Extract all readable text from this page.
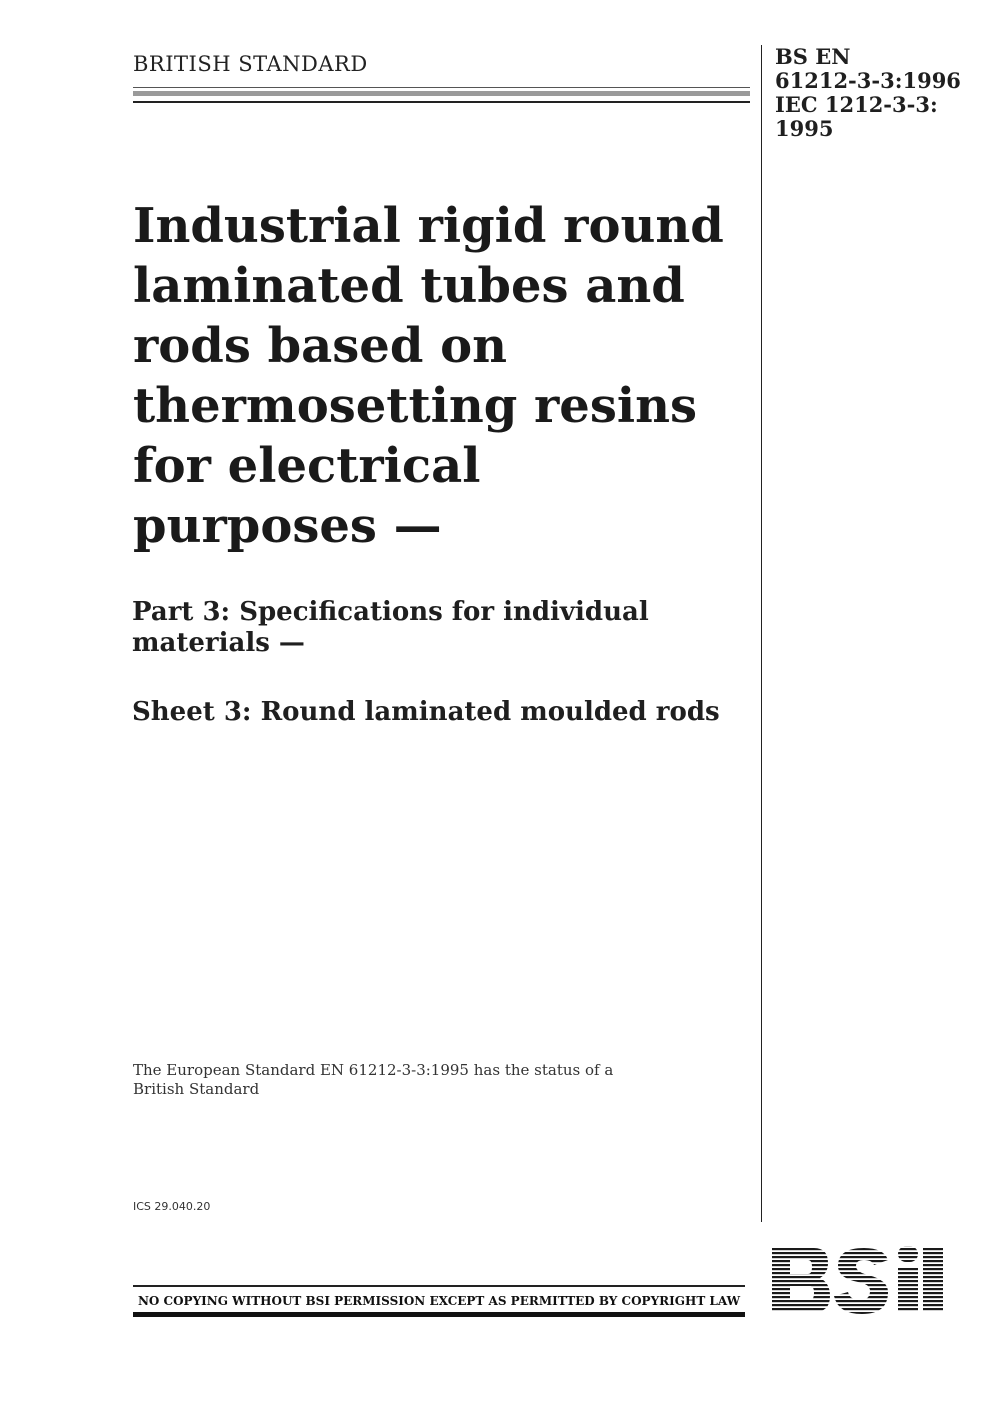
BRITISH STANDARD	BS EN
61212-3-3:1996
IEC 1212-3-3:
1995
Industrial rigid round
laminated tubes and
rods based on
thermosetting resins
for electrical
purposes —
Part 3: Specifications for individual
materials —
Sheet 3: Round laminated moulded rods
The European Standard EN 61212-3-3:1995 has the status of a
British Standard
ICS 29.040.20
NO COPYING WITHOUT BSI PERMISSION EXCEPT AS PERMITTED BY COPYRIGHT LAW
